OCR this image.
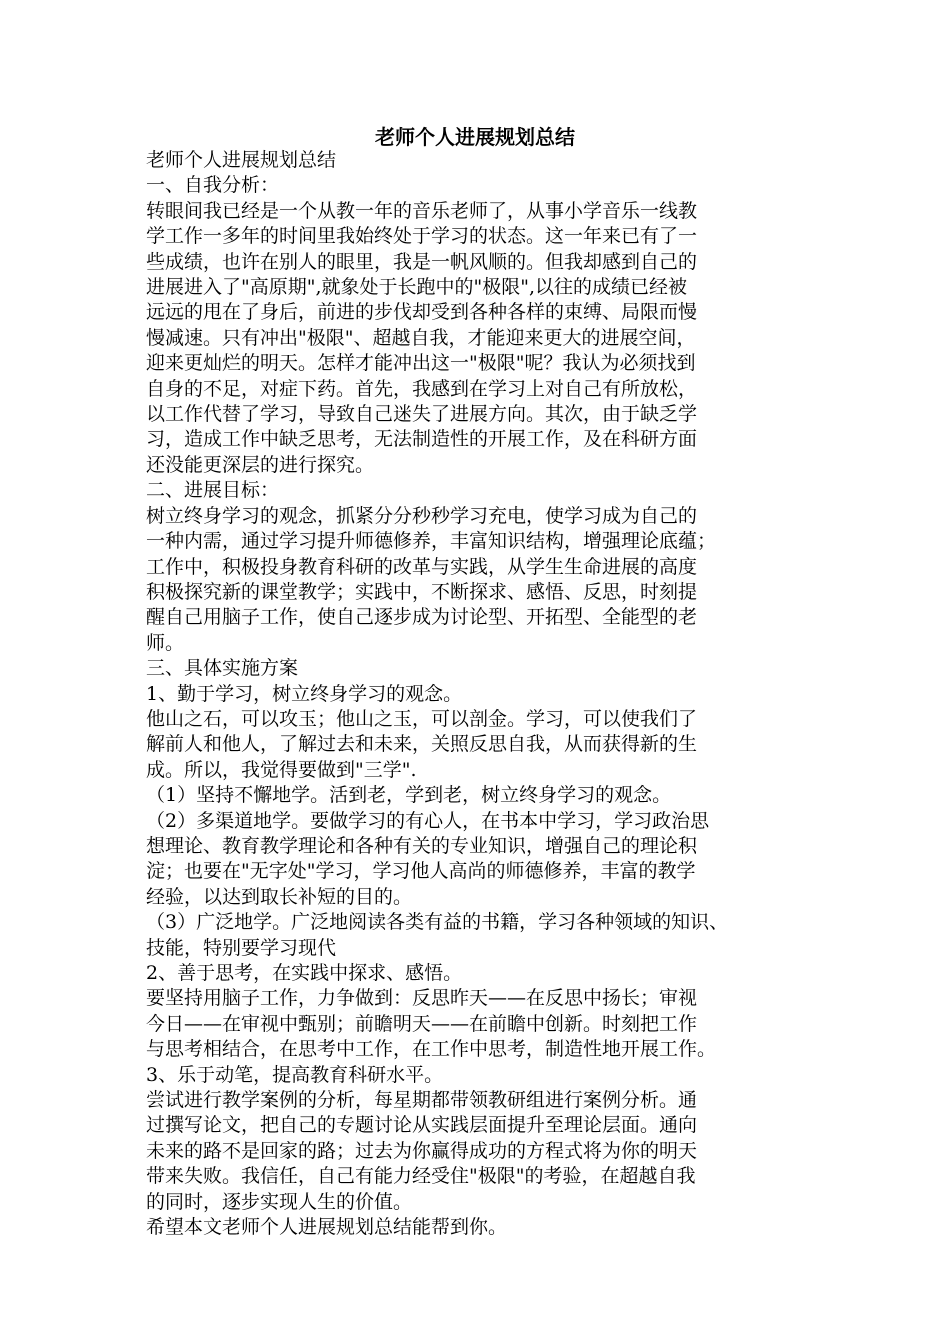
老师个人进展规划总结

老师个人进展规划总结

一、自我分析：

转眼间我已经是一个从教一年的音乐老师了，从事小学音乐一线教

学工作一多年的时间里我始终处于学习的状态。这一年来已有了一

些成绩，也许在别人的眼里，我是一帆风顺的。但我却感到自己的

进展进入了"高原期",就象处于长跑中的"极限",以往的成绩已经被

远远的甩在了身后，前进的步伐却受到各种各样的束缚、局限而慢

慢减速。只有冲出"极限"、超越自我，才能迎来更大的进展空间，

迎来更灿烂的明天。怎样才能冲出这一"极限"呢？我认为必须找到

自身的不足，对症下药。首先，我感到在学习上对自己有所放松，

以工作代替了学习，导致自己迷失了进展方向。其次，由于缺乏学

习，造成工作中缺乏思考，无法制造性的开展工作，及在科研方面

还没能更深层的进行探究。

二、进展目标：

树立终身学习的观念，抓紧分分秒秒学习充电，使学习成为自己的

一种内需，通过学习提升师德修养，丰富知识结构，增强理论底蕴；

工作中，积极投身教育科研的改革与实践，从学生生命进展的高度

积极探究新的课堂教学；实践中，不断探求、感悟、反思，时刻提

醒自己用脑子工作，使自己逐步成为讨论型、开拓型、全能型的老

师。

三、具体实施方案

1、勤于学习，树立终身学习的观念。

他山之石，可以攻玉；他山之玉，可以剖金。学习，可以使我们了

解前人和他人，了解过去和未来，关照反思自我，从而获得新的生

成。所以，我觉得要做到"三学".

（1）坚持不懈地学。活到老，学到老，树立终身学习的观念。

（2）多渠道地学。要做学习的有心人，在书本中学习，学习政治思

想理论、教育教学理论和各种有关的专业知识，增强自己的理论积

淀；也要在"无字处"学习，学习他人高尚的师德修养，丰富的教学

经验，以达到取长补短的目的。

（3）广泛地学。广泛地阅读各类有益的书籍，学习各种领域的知识、

技能，特别要学习现代

2、善于思考，在实践中探求、感悟。

要坚持用脑子工作，力争做到：反思昨天——在反思中扬长；审视

今日——在审视中甄别；前瞻明天——在前瞻中创新。时刻把工作

与思考相结合，在思考中工作，在工作中思考，制造性地开展工作。

3、乐于动笔，提高教育科研水平。

尝试进行教学案例的分析，每星期都带领教研组进行案例分析。通

过撰写论文，把自己的专题讨论从实践层面提升至理论层面。通向

未来的路不是回家的路；过去为你赢得成功的方程式将为你的明天

带来失败。我信任，自己有能力经受住"极限"的考验，在超越自我

的同时，逐步实现人生的价值。

希望本文老师个人进展规划总结能帮到你。
